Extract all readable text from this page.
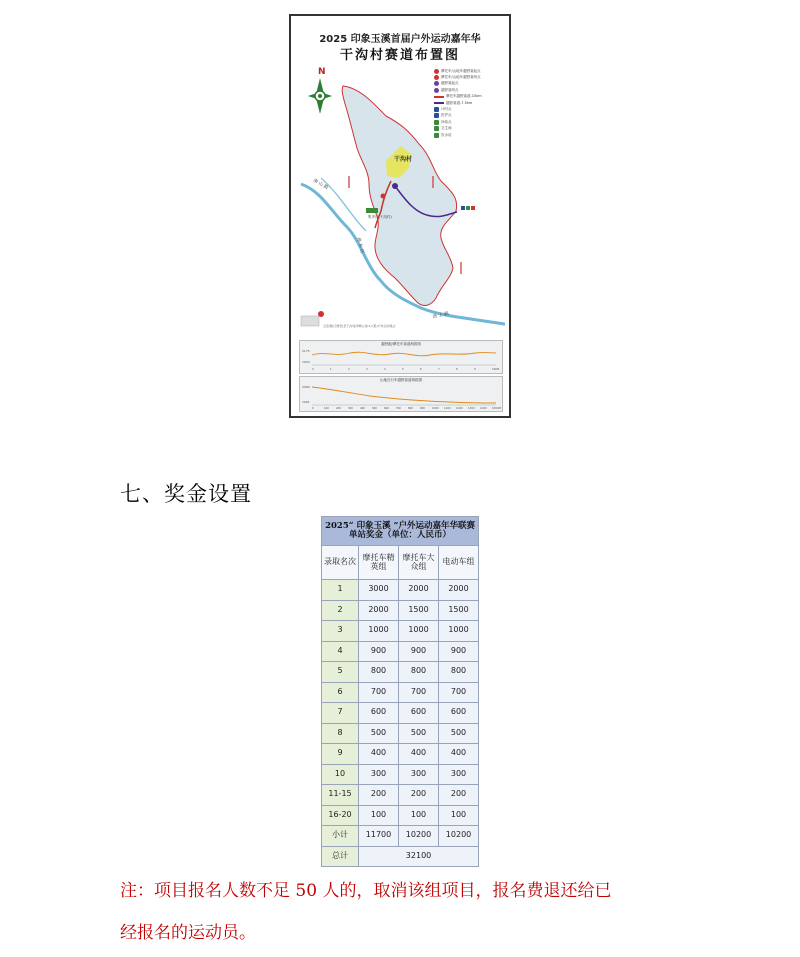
2025 印象玉溪首届户外运动嘉年华
干沟村赛道布置图
N
干沟村
集齐区(干沟村)
南 山 路
停 车 区
洛 上 路
五泉洞(行驶至)至干沟村河畔山村(1公里)户外运动集合
摩托车/山地车越野赛起点
摩托车/山地车越野赛终点
越野赛起点
越野赛终点
摩托车越野赛道-10km
越野赛道-7.5km
计时点
医护点
补给点
卫生间
饮水站
越野跑/摩托车赛道海拔图
2175
1954
0	1	2	3	4	5	6	7	8	9	10KM
山地自行车越野赛道海拔图
2080
1961
0	100	200	300	400	500	600	700	800	900	1000 1100 1200 1300 1400 1500M
七、奖金设置
2025“ 印象玉溪 ”户外运动嘉年华联赛单站奖金（单位：人民币）			
录取名次	摩托车精英组	摩托车大众组	电动车组
1	3000	2000	2000
2	2000	1500	1500
3	1000	1000	1000
4	900	900	900
5	800	800	800
6	700	700	700
7	600	600	600
8	500	500	500
9	400	400	400
10	300	300	300
11-15	200	200	200
16-20	100	100	100
小计	11700	10200	10200
总计	32100		
注：项目报名人数不足 50 人的，取消该组项目，报名费退还给已
经报名的运动员。
